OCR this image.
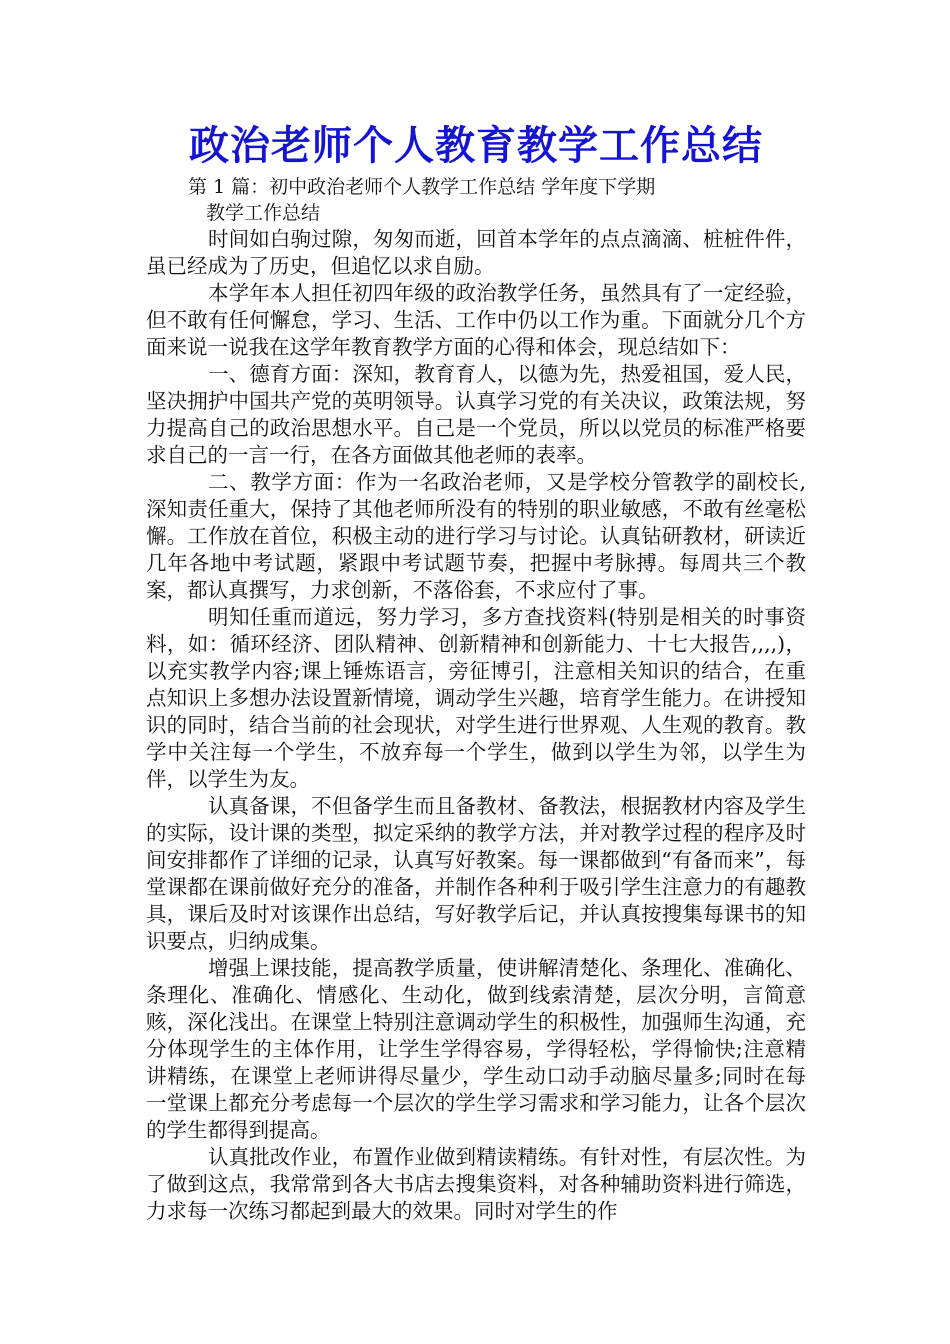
政治老师个人教育教学工作总结
第 1 篇：初中政治老师个人教学工作总结 学年度下学期
教学工作总结

时间如白驹过隙，匆匆而逝，回首本学年的点点滴滴、桩桩件件，虽已经成为了历史，但追忆以求自励。

本学年本人担任初四年级的政治教学任务，虽然具有了一定经验，但不敢有任何懈怠，学习、生活、工作中仍以工作为重。下面就分几个方面来说一说我在这学年教育教学方面的心得和体会，现总结如下：

一、德育方面：深知，教育育人，以德为先，热爱祖国，爱人民，坚决拥护中国共产党的英明领导。认真学习党的有关决议，政策法规，努力提高自己的政治思想水平。自己是一个党员，所以以党员的标准严格要求自己的一言一行，在各方面做其他老师的表率。

二、教学方面：作为一名政治老师，又是学校分管教学的副校长,深知责任重大，保持了其他老师所没有的特别的职业敏感，不敢有丝毫松懈。工作放在首位，积极主动的进行学习与讨论。认真钻研教材，研读近几年各地中考试题，紧跟中考试题节奏，把握中考脉搏。每周共三个教案，都认真撰写，力求创新，不落俗套，不求应付了事。

明知任重而道远，努力学习，多方查找资料(特别是相关的时事资料，如：循环经济、团队精神、创新精神和创新能力、十七大报告,,,,)，以充实教学内容;课上锤炼语言，旁征博引，注意相关知识的结合，在重点知识上多想办法设置新情境，调动学生兴趣，培育学生能力。在讲授知识的同时，结合当前的社会现状，对学生进行世界观、人生观的教育。教学中关注每一个学生，不放弃每一个学生，做到以学生为邻，以学生为伴，以学生为友。

认真备课，不但备学生而且备教材、备教法，根据教材内容及学生的实际，设计课的类型，拟定采纳的教学方法，并对教学过程的程序及时间安排都作了详细的记录，认真写好教案。每一课都做到“有备而来”，每堂课都在课前做好充分的准备，并制作各种利于吸引学生注意力的有趣教具，课后及时对该课作出总结，写好教学后记，并认真按搜集每课书的知识要点，归纳成集。

增强上课技能，提高教学质量，使讲解清楚化、条理化、准确化、条理化、准确化、情感化、生动化，做到线索清楚，层次分明，言简意赅，深化浅出。在课堂上特别注意调动学生的积极性，加强师生沟通，充分体现学生的主体作用，让学生学得容易，学得轻松，学得愉快;注意精讲精练，在课堂上老师讲得尽量少，学生动口动手动脑尽量多;同时在每一堂课上都充分考虑每一个层次的学生学习需求和学习能力，让各个层次的学生都得到提高。

认真批改作业，布置作业做到精读精练。有针对性，有层次性。为了做到这点，我常常到各大书店去搜集资料，对各种辅助资料进行筛选，力求每一次练习都起到最大的效果。同时对学生的作
